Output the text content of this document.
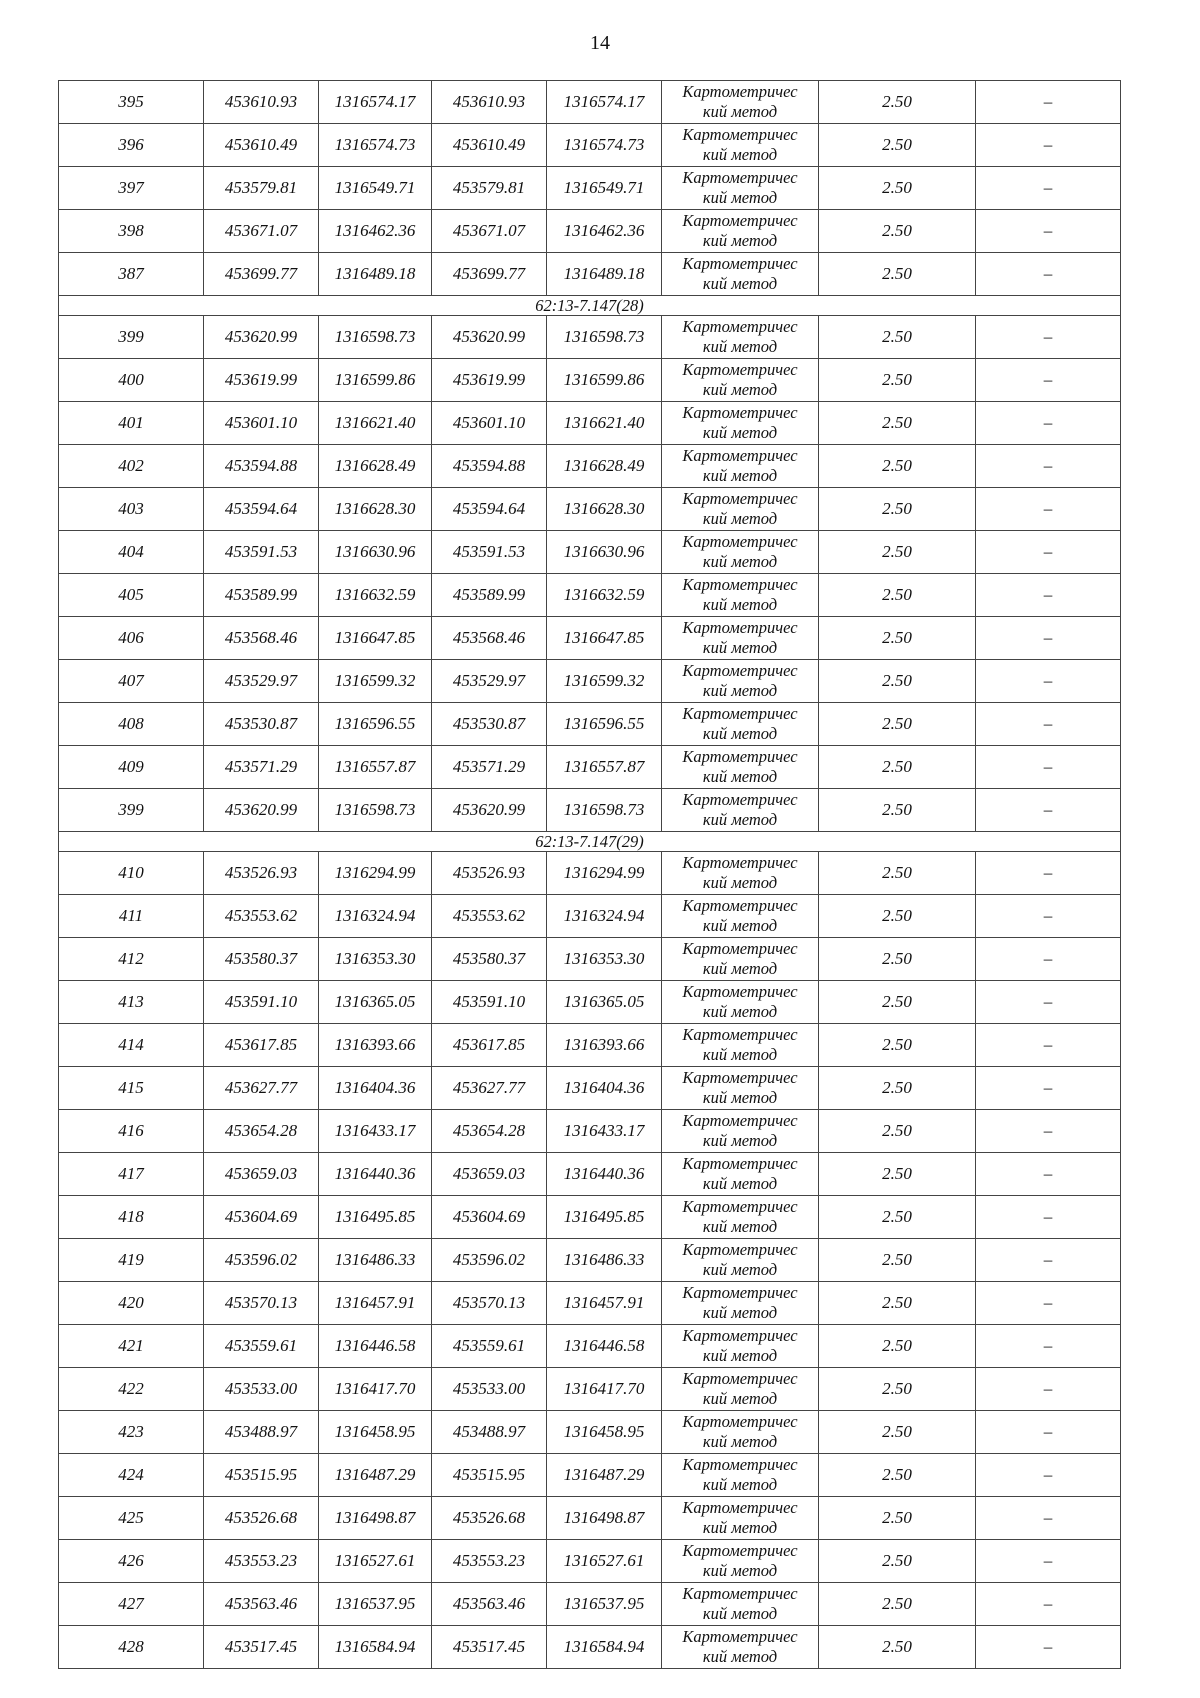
14
395	453610.93	1316574.17	453610.93	1316574.17	Картометричес
кий метод	2.50	–
396	453610.49	1316574.73	453610.49	1316574.73	Картометричес
кий метод	2.50	–
397	453579.81	1316549.71	453579.81	1316549.71	Картометричес
кий метод	2.50	–
398	453671.07	1316462.36	453671.07	1316462.36	Картометричес
кий метод	2.50	–
387	453699.77	1316489.18	453699.77	1316489.18	Картометричес
кий метод	2.50	–
62:13-7.147(28)							
399	453620.99	1316598.73	453620.99	1316598.73	Картометричес
кий метод	2.50	–
400	453619.99	1316599.86	453619.99	1316599.86	Картометричес
кий метод	2.50	–
401	453601.10	1316621.40	453601.10	1316621.40	Картометричес
кий метод	2.50	–
402	453594.88	1316628.49	453594.88	1316628.49	Картометричес
кий метод	2.50	–
403	453594.64	1316628.30	453594.64	1316628.30	Картометричес
кий метод	2.50	–
404	453591.53	1316630.96	453591.53	1316630.96	Картометричес
кий метод	2.50	–
405	453589.99	1316632.59	453589.99	1316632.59	Картометричес
кий метод	2.50	–
406	453568.46	1316647.85	453568.46	1316647.85	Картометричес
кий метод	2.50	–
407	453529.97	1316599.32	453529.97	1316599.32	Картометричес
кий метод	2.50	–
408	453530.87	1316596.55	453530.87	1316596.55	Картометричес
кий метод	2.50	–
409	453571.29	1316557.87	453571.29	1316557.87	Картометричес
кий метод	2.50	–
399	453620.99	1316598.73	453620.99	1316598.73	Картометричес
кий метод	2.50	–
62:13-7.147(29)							
410	453526.93	1316294.99	453526.93	1316294.99	Картометричес
кий метод	2.50	–
411	453553.62	1316324.94	453553.62	1316324.94	Картометричес
кий метод	2.50	–
412	453580.37	1316353.30	453580.37	1316353.30	Картометричес
кий метод	2.50	–
413	453591.10	1316365.05	453591.10	1316365.05	Картометричес
кий метод	2.50	–
414	453617.85	1316393.66	453617.85	1316393.66	Картометричес
кий метод	2.50	–
415	453627.77	1316404.36	453627.77	1316404.36	Картометричес
кий метод	2.50	–
416	453654.28	1316433.17	453654.28	1316433.17	Картометричес
кий метод	2.50	–
417	453659.03	1316440.36	453659.03	1316440.36	Картометричес
кий метод	2.50	–
418	453604.69	1316495.85	453604.69	1316495.85	Картометричес
кий метод	2.50	–
419	453596.02	1316486.33	453596.02	1316486.33	Картометричес
кий метод	2.50	–
420	453570.13	1316457.91	453570.13	1316457.91	Картометричес
кий метод	2.50	–
421	453559.61	1316446.58	453559.61	1316446.58	Картометричес
кий метод	2.50	–
422	453533.00	1316417.70	453533.00	1316417.70	Картометричес
кий метод	2.50	–
423	453488.97	1316458.95	453488.97	1316458.95	Картометричес
кий метод	2.50	–
424	453515.95	1316487.29	453515.95	1316487.29	Картометричес
кий метод	2.50	–
425	453526.68	1316498.87	453526.68	1316498.87	Картометричес
кий метод	2.50	–
426	453553.23	1316527.61	453553.23	1316527.61	Картометричес
кий метод	2.50	–
427	453563.46	1316537.95	453563.46	1316537.95	Картометричес
кий метод	2.50	–
428	453517.45	1316584.94	453517.45	1316584.94	Картометричес
кий метод	2.50	–
